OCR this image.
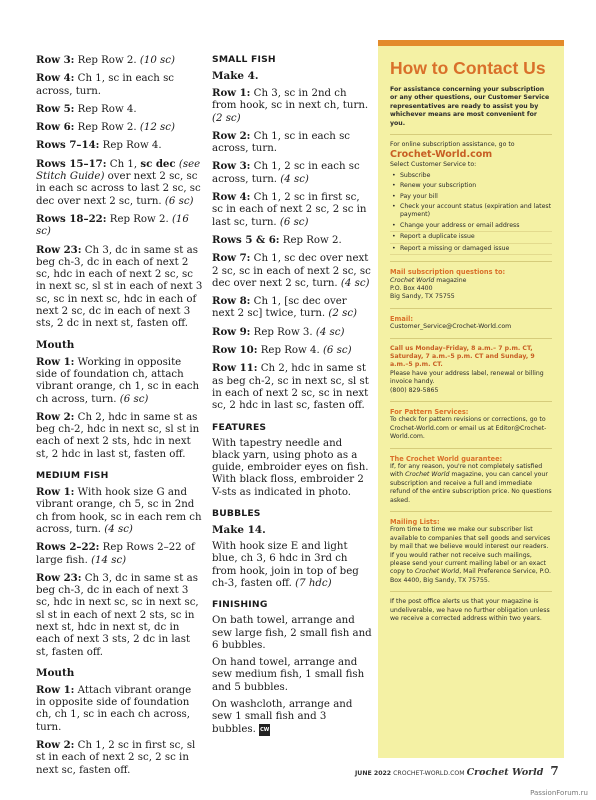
Row 3: Rep Row 2. (10 sc)

Row 4: Ch 1, sc in each sc across, turn.

Row 5: Rep Row 4.

Row 6: Rep Row 2. (12 sc)

Rows 7–14: Rep Row 4.

Rows 15–17: Ch 1, sc dec (see Stitch Guide) over next 2 sc, sc in each sc across to last 2 sc, sc dec over next 2 sc, turn. (6 sc)

Rows 18–22: Rep Row 2. (16 sc)

Row 23: Ch 3, dc in same st as beg ch-3, dc in each of next 2 sc, hdc in each of next 2 sc, sc in next sc, sl st in each of next 3 sc, sc in next sc, hdc in each of next 2 sc, dc in each of next 3 sts, 2 dc in next st, fasten off.

Mouth

Row 1: Working in opposite side of foundation ch, attach vibrant orange, ch 1, sc in each ch across, turn. (6 sc)

Row 2: Ch 2, hdc in same st as beg ch-2, hdc in next sc, sl st in each of next 2 sts, hdc in next st, 2 hdc in last st, fasten off.

MEDIUM FISH

Row 1: With hook size G and vibrant orange, ch 5, sc in 2nd ch from hook, sc in each rem ch across, turn. (4 sc)

Rows 2–22: Rep Rows 2–22 of large fish. (14 sc)

Row 23: Ch 3, dc in same st as beg ch-3, dc in each of next 3 sc, hdc in next sc, sc in next sc, sl st in each of next 2 sts, sc in next st, hdc in next st, dc in each of next 3 sts, 2 dc in last st, fasten off.

Mouth

Row 1: Attach vibrant orange in opposite side of foundation ch, ch 1, sc in each ch across, turn.

Row 2: Ch 1, 2 sc in first sc, sl st in each of next 2 sc, 2 sc in next sc, fasten off.

SMALL FISH
Make 4.

Row 1: Ch 3, sc in 2nd ch from hook, sc in next ch, turn. (2 sc)

Row 2: Ch 1, sc in each sc across, turn.

Row 3: Ch 1, 2 sc in each sc across, turn. (4 sc)

Row 4: Ch 1, 2 sc in first sc, sc in each of next 2 sc, 2 sc in last sc, turn. (6 sc)

Rows 5 & 6: Rep Row 2.

Row 7: Ch 1, sc dec over next 2 sc, sc in each of next 2 sc, sc dec over next 2 sc, turn. (4 sc)

Row 8: Ch 1, [sc dec over next 2 sc] twice, turn. (2 sc)

Row 9: Rep Row 3. (4 sc)

Row 10: Rep Row 4. (6 sc)

Row 11: Ch 2, hdc in same st as beg ch-2, sc in next sc, sl st in each of next 2 sc, sc in next sc, 2 hdc in last sc, fasten off.

FEATURES

With tapestry needle and black yarn, using photo as a guide, embroider eyes on fish. With black floss, embroider 2 V-sts as indicated in photo.

BUBBLES
Make 14.

With hook size E and light blue, ch 3, 6 hdc in 3rd ch from hook, join in top of beg ch-3, fasten off. (7 hdc)

FINISHING

On bath towel, arrange and sew large fish, 2 small fish and 6 bubbles.

On hand towel, arrange and sew medium fish, 1 small fish and 5 bubbles.

On washcloth, arrange and sew 1 small fish and 3 bubbles. CW

How to Contact Us
For assistance concerning your subscription or any other questions, our Customer Service representatives are ready to assist you by whichever means are most convenient for you.
For online subscription assistance, go to
Crochet-World.com
Select Customer Service to:
• Subscribe
• Renew your subscription
• Pay your bill
• Check your account status (expiration and latest payment)
• Change your address or email address
• Report a duplicate issue
• Report a missing or damaged issue
Mail subscription questions to:
Crochet World magazine
P.O. Box 4400
Big Sandy, TX 75755
Email:
Customer_Service@Crochet-World.com
Call us Monday–Friday, 8 a.m.– 7 p.m. CT, Saturday, 7 a.m.–5 p.m. CT and Sunday, 9 a.m.–5 p.m. CT.
Please have your address label, renewal or billing invoice handy.
(800) 829-5865
For Pattern Services:
To check for pattern revisions or corrections, go to Crochet-World.com or email us at Editor@Crochet-World.com.
The Crochet World guarantee:
If, for any reason, you're not completely satisfied with Crochet World magazine, you can cancel your subscription and receive a full and immediate refund of the entire subscription price. No questions asked.
Mailing Lists:
From time to time we make our subscriber list available to companies that sell goods and services by mail that we believe would interest our readers. If you would rather not receive such mailings, please send your current mailing label or an exact copy to Crochet World, Mail Preference Service, P.O. Box 4400, Big Sandy, TX 75755.
If the post office alerts us that your magazine is undeliverable, we have no further obligation unless we receive a corrected address within two years.
JUNE 2022 CROCHET-WORLD.COM Crochet World 7
PassionForum.ru
